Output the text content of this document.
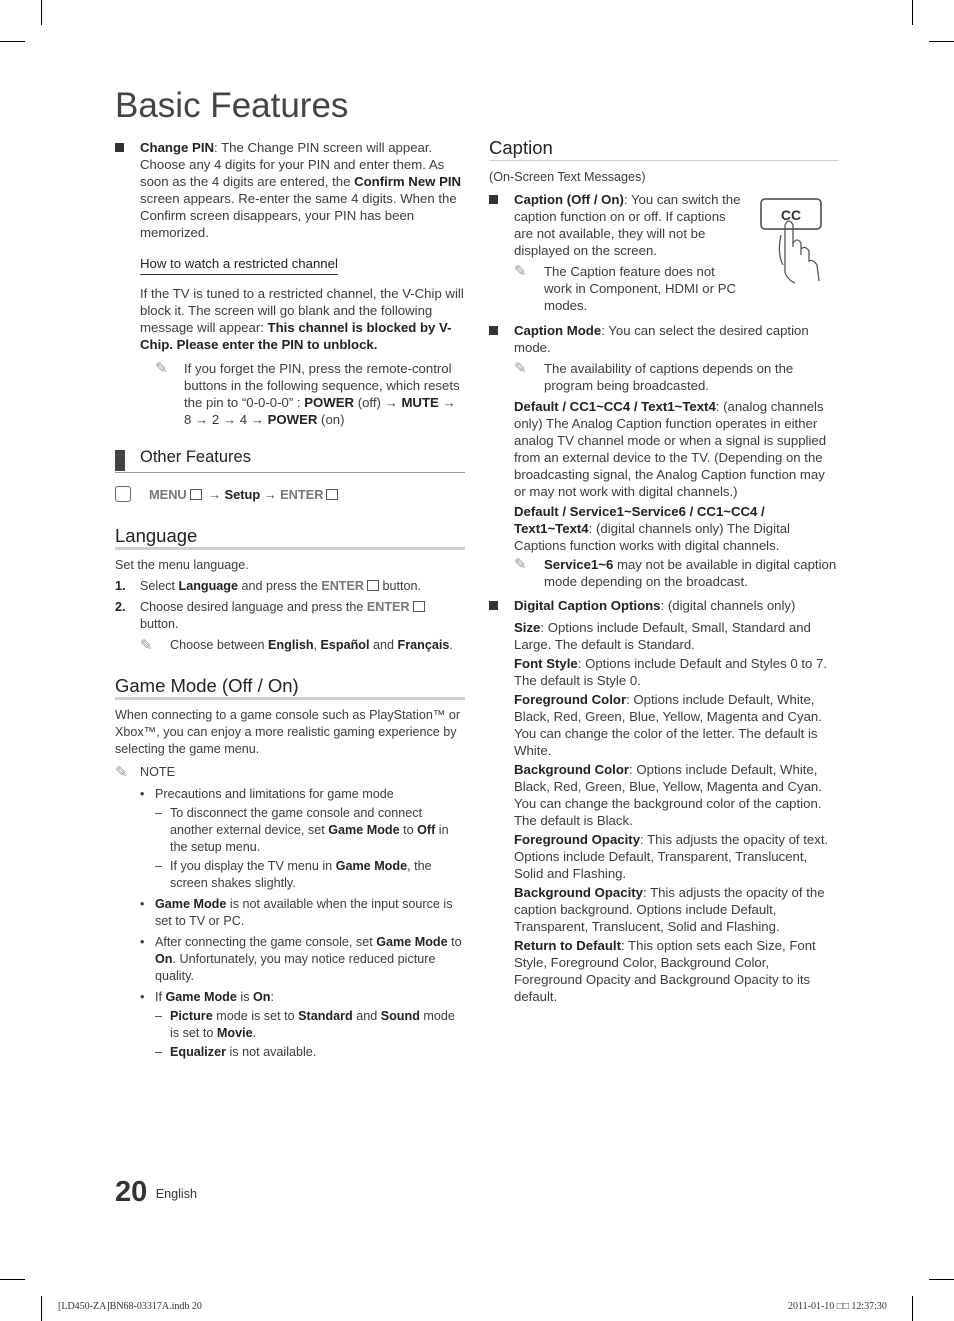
Basic Features

Change PIN: The Change PIN screen will appear. Choose any 4 digits for your PIN and enter them. As soon as the 4 digits are entered, the Confirm New PIN screen appears. Re-enter the same 4 digits. When the Confirm screen disappears, your PIN has been memorized.

How to watch a restricted channel

If the TV is tuned to a restricted channel, the V-Chip will block it. The screen will go blank and the following message will appear: This channel is blocked by V-Chip. Please enter the PIN to unblock.

✎ If you forget the PIN, press the remote-control buttons in the following sequence, which resets the pin to “0-0-0-0” : POWER (off) → MUTE → 8 → 2 → 4 → POWER (on)

Other Features
MENU → Setup → ENTER
Language

Set the menu language.

1. Select Language and press the ENTER button.

2. Choose desired language and press the ENTER
button.

✎ Choose between English, Español and Français.

Game Mode (Off / On)

When connecting to a game console such as PlayStation™ or Xbox™, you can enjoy a more realistic gaming experience by selecting the game menu.

✎ NOTE

• Precautions and limitations for game mode

– To disconnect the game console and connect another external device, set Game Mode to Off in the setup menu.

– If you display the TV menu in Game Mode, the screen shakes slightly.

• Game Mode is not available when the input source is set to TV or PC.

• After connecting the game console, set Game Mode to On. Unfortunately, you may notice reduced picture quality.

• If Game Mode is On:

– Picture mode is set to Standard and Sound mode is set to Movie.

– Equalizer is not available.

Caption

(On-Screen Text Messages)

CC

Caption (Off / On): You can switch the caption function on or off. If captions are not available, they will not be displayed on the screen.

✎ The Caption feature does not work in Component, HDMI or PC modes.

Caption Mode: You can select the desired caption mode.

✎ The availability of captions depends on the program being broadcasted.

Default / CC1~CC4 / Text1~Text4: (analog channels only) The Analog Caption function operates in either analog TV channel mode or when a signal is supplied from an external device to the TV. (Depending on the broadcasting signal, the Analog Caption function may or may not work with digital channels.)

Default / Service1~Service6 / CC1~CC4 / Text1~Text4: (digital channels only) The Digital Captions function works with digital channels.

✎ Service1~6 may not be available in digital caption mode depending on the broadcast.

Digital Caption Options: (digital channels only)

Size: Options include Default, Small, Standard and Large. The default is Standard.

Font Style: Options include Default and Styles 0 to 7. The default is Style 0.

Foreground Color: Options include Default, White, Black, Red, Green, Blue, Yellow, Magenta and Cyan. You can change the color of the letter. The default is White.

Background Color: Options include Default, White, Black, Red, Green, Blue, Yellow, Magenta and Cyan. You can change the background color of the caption. The default is Black.

Foreground Opacity: This adjusts the opacity of text. Options include Default, Transparent, Translucent, Solid and Flashing.

Background Opacity: This adjusts the opacity of the caption background. Options include Default, Transparent, Translucent, Solid and Flashing.

Return to Default: This option sets each Size, Font Style, Foreground Color, Background Color, Foreground Opacity and Background Opacity to its default.

20 English
[LD450-ZA]BN68-03317A.indb 20	2011-01-10 □□ 12:37:30
